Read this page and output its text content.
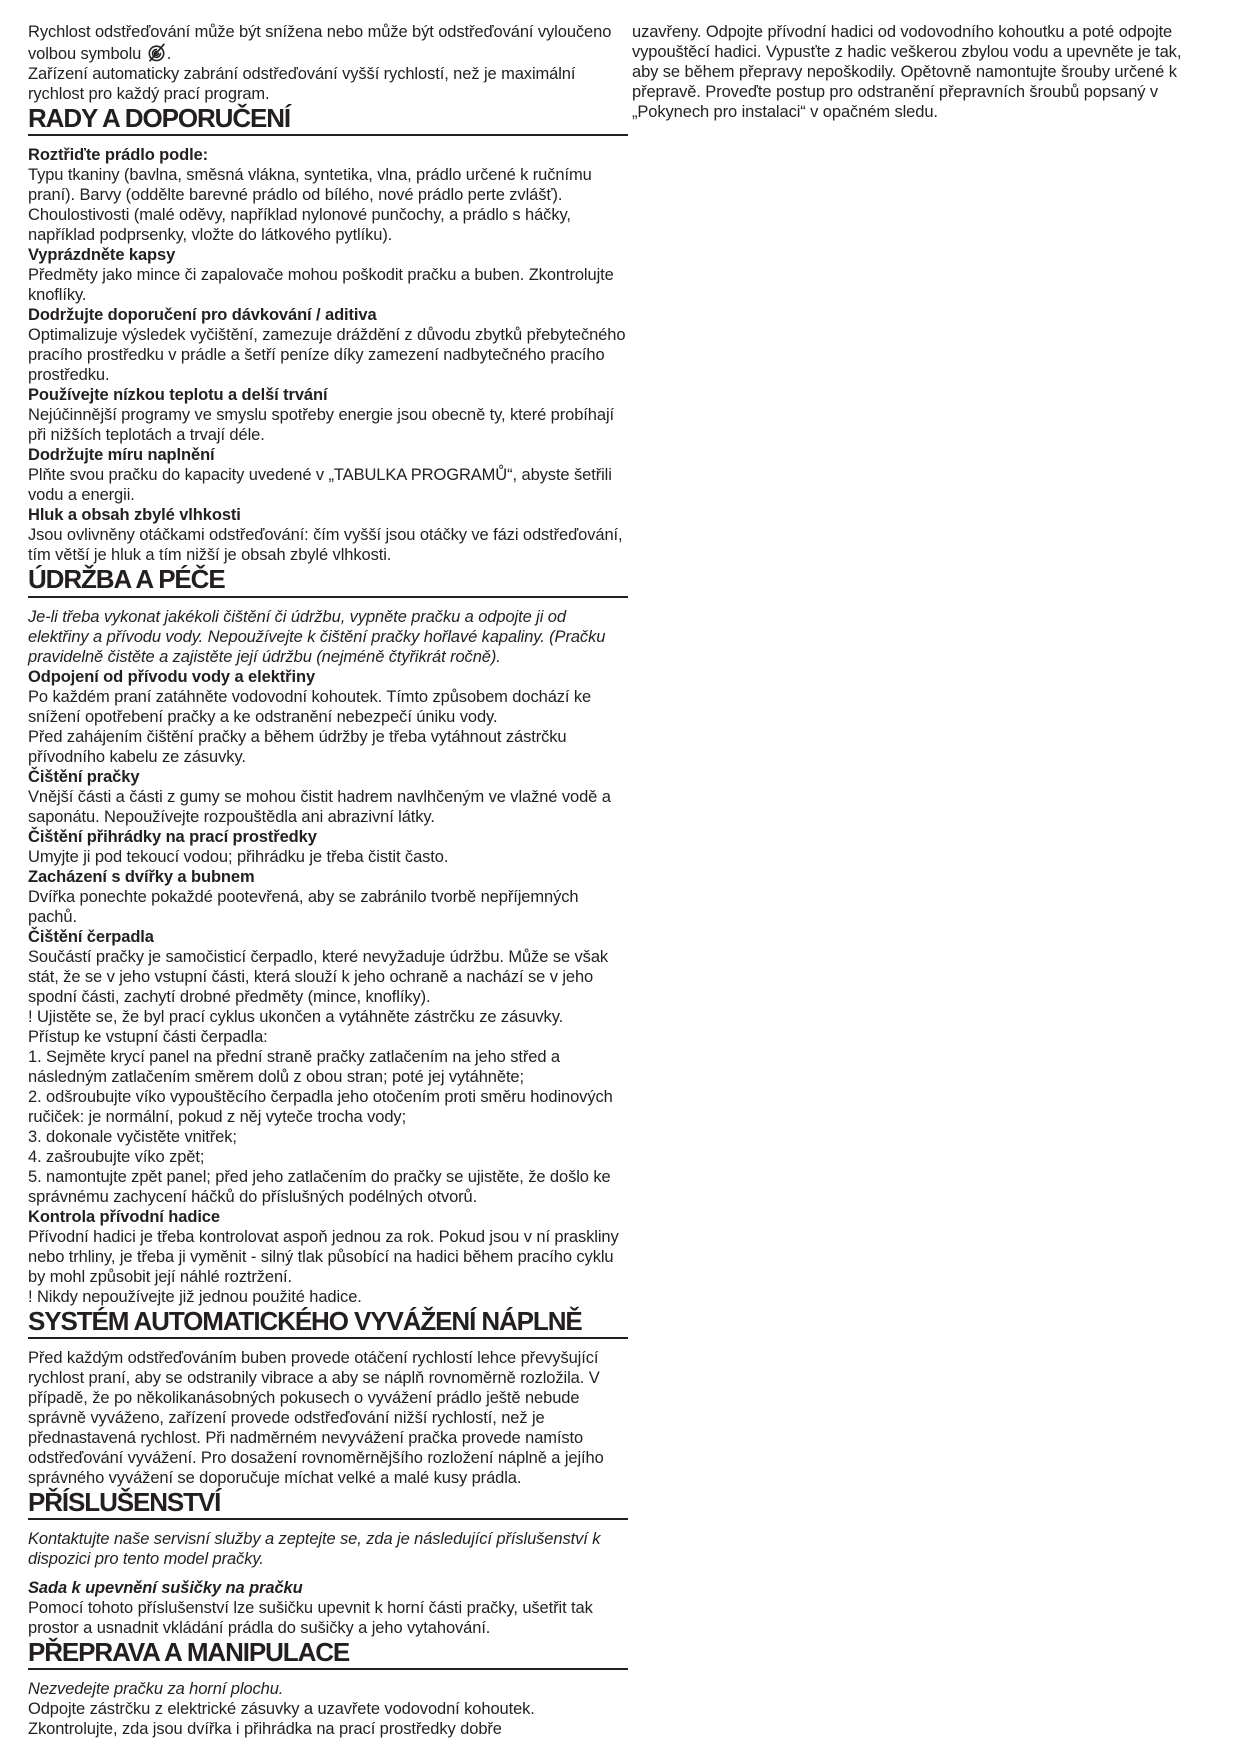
Rychlost odstřeďování může být snížena nebo může být odstřeďování vyloučeno volbou symbolu .

Zařízení automaticky zabrání odstřeďování vyšší rychlostí, než je maximální rychlost pro každý prací program.

RADY A DOPORUČENÍ

Roztřiďte prádlo podle:

Typu tkaniny (bavlna, směsná vlákna, syntetika, vlna, prádlo určené k ručnímu praní). Barvy (oddělte barevné prádlo od bílého, nové prádlo perte zvlášť). Choulostivosti (malé oděvy, například nylonové punčochy, a prádlo s háčky, například podprsenky, vložte do látkového pytlíku).

Vyprázdněte kapsy

Předměty jako mince či zapalovače mohou poškodit pračku a buben. Zkontrolujte knoflíky.

Dodržujte doporučení pro dávkování / aditiva

Optimalizuje výsledek vyčištění, zamezuje dráždění z důvodu zbytků přebytečného pracího prostředku v prádle a šetří peníze díky zamezení nadbytečného pracího prostředku.

Používejte nízkou teplotu a delší trvání

Nejúčinnější programy ve smyslu spotřeby energie jsou obecně ty, které probíhají při nižších teplotách a trvají déle.

Dodržujte míru naplnění

Plňte svou pračku do kapacity uvedené v „TABULKA PROGRAMŮ“, abyste šetřili vodu a energii.

Hluk a obsah zbylé vlhkosti

Jsou ovlivněny otáčkami odstřeďování: čím vyšší jsou otáčky ve fázi odstřeďování, tím větší je hluk a tím nižší je obsah zbylé vlhkosti.

ÚDRŽBA A PÉČE

Je-li třeba vykonat jakékoli čištění či údržbu, vypněte pračku a odpojte ji od elektřiny a přívodu vody. Nepoužívejte k čištění pračky hořlavé kapaliny. (Pračku pravidelně čistěte a zajistěte její údržbu (nejméně čtyřikrát ročně).

Odpojení od přívodu vody a elektřiny

Po každém praní zatáhněte vodovodní kohoutek. Tímto způsobem dochází ke snížení opotřebení pračky a ke odstranění nebezpečí úniku vody.

Před zahájením čištění pračky a během údržby je třeba vytáhnout zástrčku přívodního kabelu ze zásuvky.

Čištění pračky

Vnější části a části z gumy se mohou čistit hadrem navlhčeným ve vlažné vodě a saponátu. Nepoužívejte rozpouštědla ani abrazivní látky.

Čištění přihrádky na prací prostředky

Umyjte ji pod tekoucí vodou; přihrádku je třeba čistit často.

Zacházení s dvířky a bubnem

Dvířka ponechte pokaždé pootevřená, aby se zabránilo tvorbě nepříjemných pachů.

Čištění čerpadla

Součástí pračky je samočisticí čerpadlo, které nevyžaduje údržbu. Může se však stát, že se v jeho vstupní části, která slouží k jeho ochraně a nachází se v jeho spodní části, zachytí drobné předměty (mince, knoflíky).

! Ujistěte se, že byl prací cyklus ukončen a vytáhněte zástrčku ze zásuvky.

Přístup ke vstupní části čerpadla:

1. Sejměte krycí panel na přední straně pračky zatlačením na jeho střed a následným zatlačením směrem dolů z obou stran; poté jej vytáhněte;

2. odšroubujte víko vypouštěcího čerpadla jeho otočením proti směru hodinových ručiček: je normální, pokud z něj vyteče trocha vody;

3. dokonale vyčistěte vnitřek;

4. zašroubujte víko zpět;

5. namontujte zpět panel; před jeho zatlačením do pračky se ujistěte, že došlo ke správnému zachycení háčků do příslušných podélných otvorů.

Kontrola přívodní hadice

Přívodní hadici je třeba kontrolovat aspoň jednou za rok. Pokud jsou v ní praskliny nebo trhliny, je třeba ji vyměnit - silný tlak působící na hadici během pracího cyklu by mohl způsobit její náhlé roztržení.

! Nikdy nepoužívejte již jednou použité hadice.

SYSTÉM AUTOMATICKÉHO VYVÁŽENÍ NÁPLNĚ

Před každým odstřeďováním buben provede otáčení rychlostí lehce převyšující rychlost praní, aby se odstranily vibrace a aby se náplň rovnoměrně rozložila. V případě, že po několikanásobných pokusech o vyvážení prádlo ještě nebude správně vyváženo, zařízení provede odstřeďování nižší rychlostí, než je přednastavená rychlost. Při nadměrném nevyvážení pračka provede namísto odstřeďování vyvážení. Pro dosažení rovnoměrnějšího rozložení náplně a jejího správného vyvážení se doporučuje míchat velké a malé kusy prádla.

PŘÍSLUŠENSTVÍ

Kontaktujte naše servisní služby a zeptejte se, zda je následující příslušenství k dispozici pro tento model pračky.

Sada k upevnění sušičky na pračku

Pomocí tohoto příslušenství lze sušičku upevnit k horní části pračky, ušetřit tak prostor a usnadnit vkládání prádla do sušičky a jeho vytahování.

PŘEPRAVA A MANIPULACE

Nezvedejte pračku za horní plochu.

Odpojte zástrčku z elektrické zásuvky a uzavřete vodovodní kohoutek. Zkontrolujte, zda jsou dvířka i přihrádka na prací prostředky dobře

uzavřeny. Odpojte přívodní hadici od vodovodního kohoutku a poté odpojte vypouštěcí hadici. Vypusťte z hadic veškerou zbylou vodu a upevněte je tak, aby se během přepravy nepoškodily. Opětovně namontujte šrouby určené k přepravě. Proveďte postup pro odstranění přepravních šroubů popsaný v „Pokynech pro instalaci“ v opačném sledu.
